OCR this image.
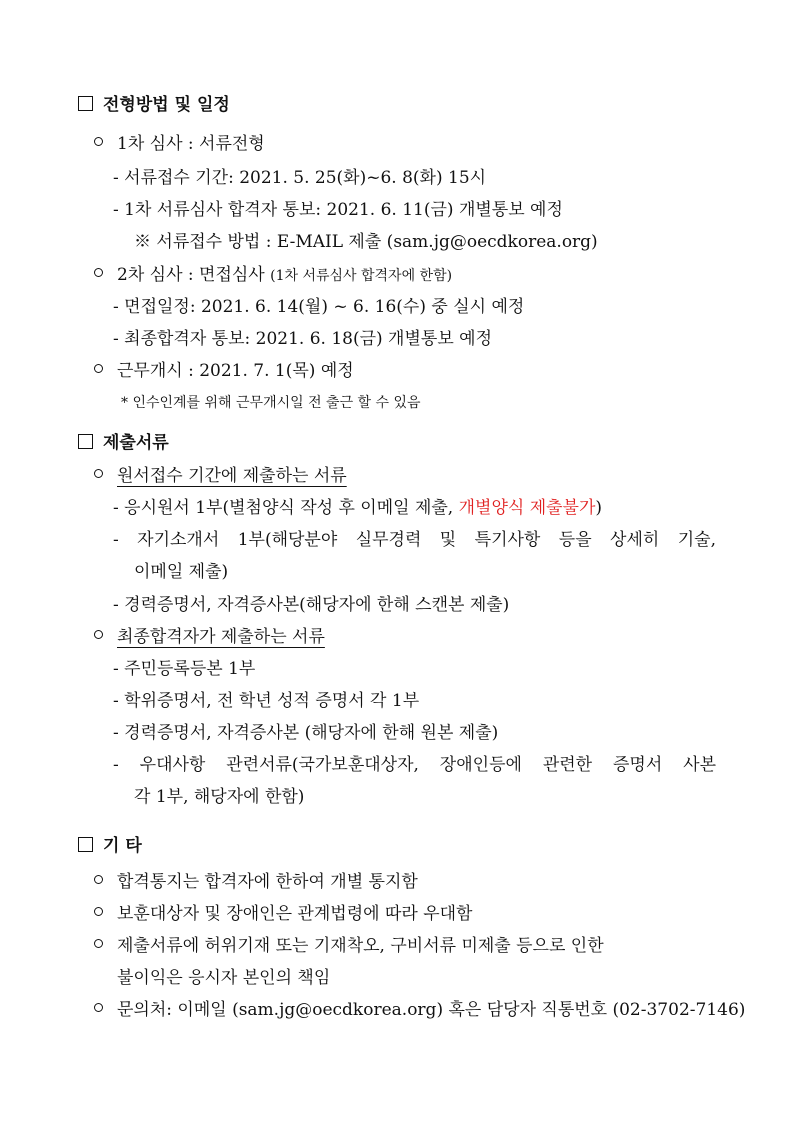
전형방법 및 일정
1차 심사 : 서류전형
- 서류접수 기간: 2021. 5. 25(화)~6. 8(화) 15시
- 1차 서류심사 합격자 통보: 2021. 6. 11(금) 개별통보 예정
※ 서류접수 방법 : E-MAIL 제출 (sam.jg@oecdkorea.org)
2차 심사 : 면접심사 (1차 서류심사 합격자에 한함)
- 면접일정: 2021. 6. 14(월) ~ 6. 16(수) 중 실시 예정
- 최종합격자 통보: 2021. 6. 18(금) 개별통보 예정
근무개시 : 2021. 7. 1(목) 예정
* 인수인계를 위해 근무개시일 전 출근 할 수 있음
제출서류
원서접수 기간에 제출하는 서류
- 응시원서 1부(별첨양식 작성 후 이메일 제출, 개별양식 제출불가)
- 자기소개서 1부(해당분야 실무경력 및 특기사항 등을 상세히 기술,
이메일 제출)
- 경력증명서, 자격증사본(해당자에 한해 스캔본 제출)
최종합격자가 제출하는 서류
- 주민등록등본 1부
- 학위증명서, 전 학년 성적 증명서 각 1부
- 경력증명서, 자격증사본 (해당자에 한해 원본 제출)
- 우대사항 관련서류(국가보훈대상자, 장애인등에 관련한 증명서 사본
각 1부, 해당자에 한함)
기 타
합격통지는 합격자에 한하여 개별 통지함
보훈대상자 및 장애인은 관계법령에 따라 우대함
제출서류에 허위기재 또는 기재착오, 구비서류 미제출 등으로 인한
불이익은 응시자 본인의 책임
문의처: 이메일 (sam.jg@oecdkorea.org) 혹은 담당자 직통번호 (02-3702-7146)
